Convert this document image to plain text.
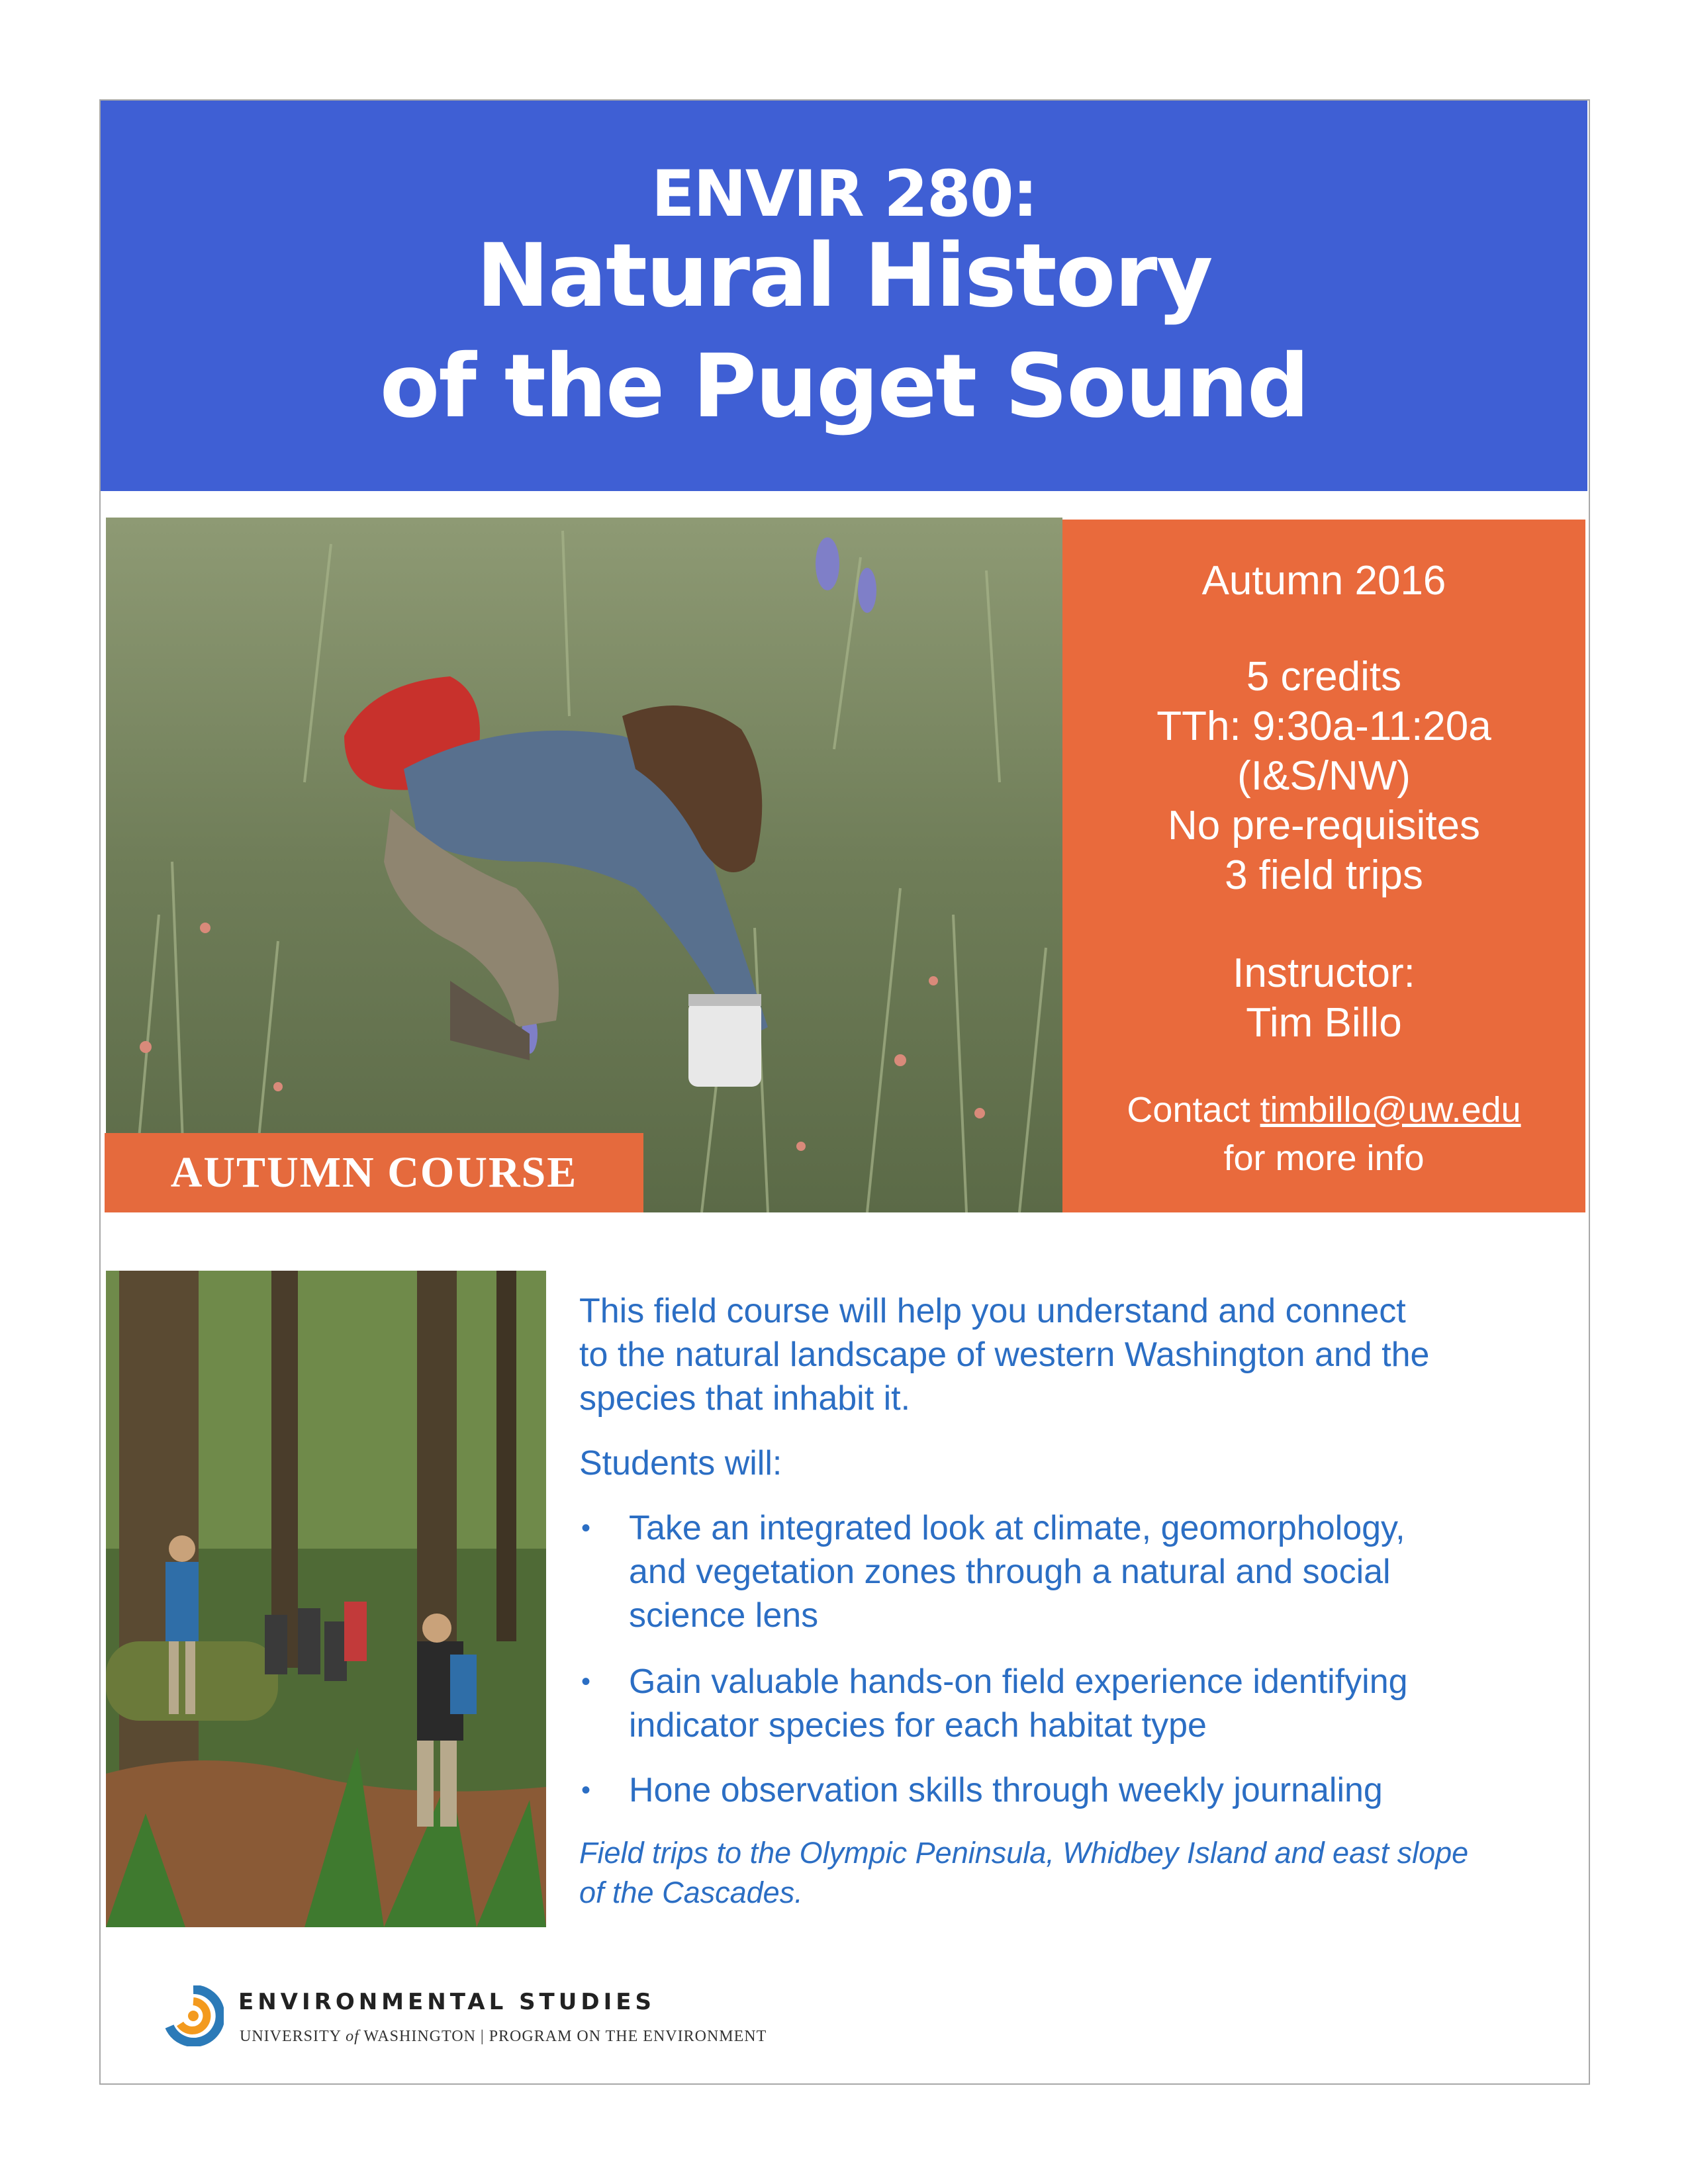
ENVIR 280:
Natural History
of the Puget Sound
AUTUMN COURSE
Autumn 2016
5 credits
TTh: 9:30a-11:20a
(I&S/NW)
No pre-requisites
3 field trips
Instructor:
Tim Billo
Contact timbillo@uw.edu
for more info
This field course will help you understand and connect
to the natural landscape of western Washington and the
species that inhabit it.
Students will:
• Take an integrated look at climate, geomorphology,
and vegetation zones through a natural and social
science lens
• Gain valuable hands-on field experience identifying
indicator species for each habitat type
• Hone observation skills through weekly journaling
Field trips to the Olympic Peninsula, Whidbey Island and east slope
of the Cascades.
ENVIRONMENTAL STUDIES
UNIVERSITY of WASHINGTON | PROGRAM ON THE ENVIRONMENT
